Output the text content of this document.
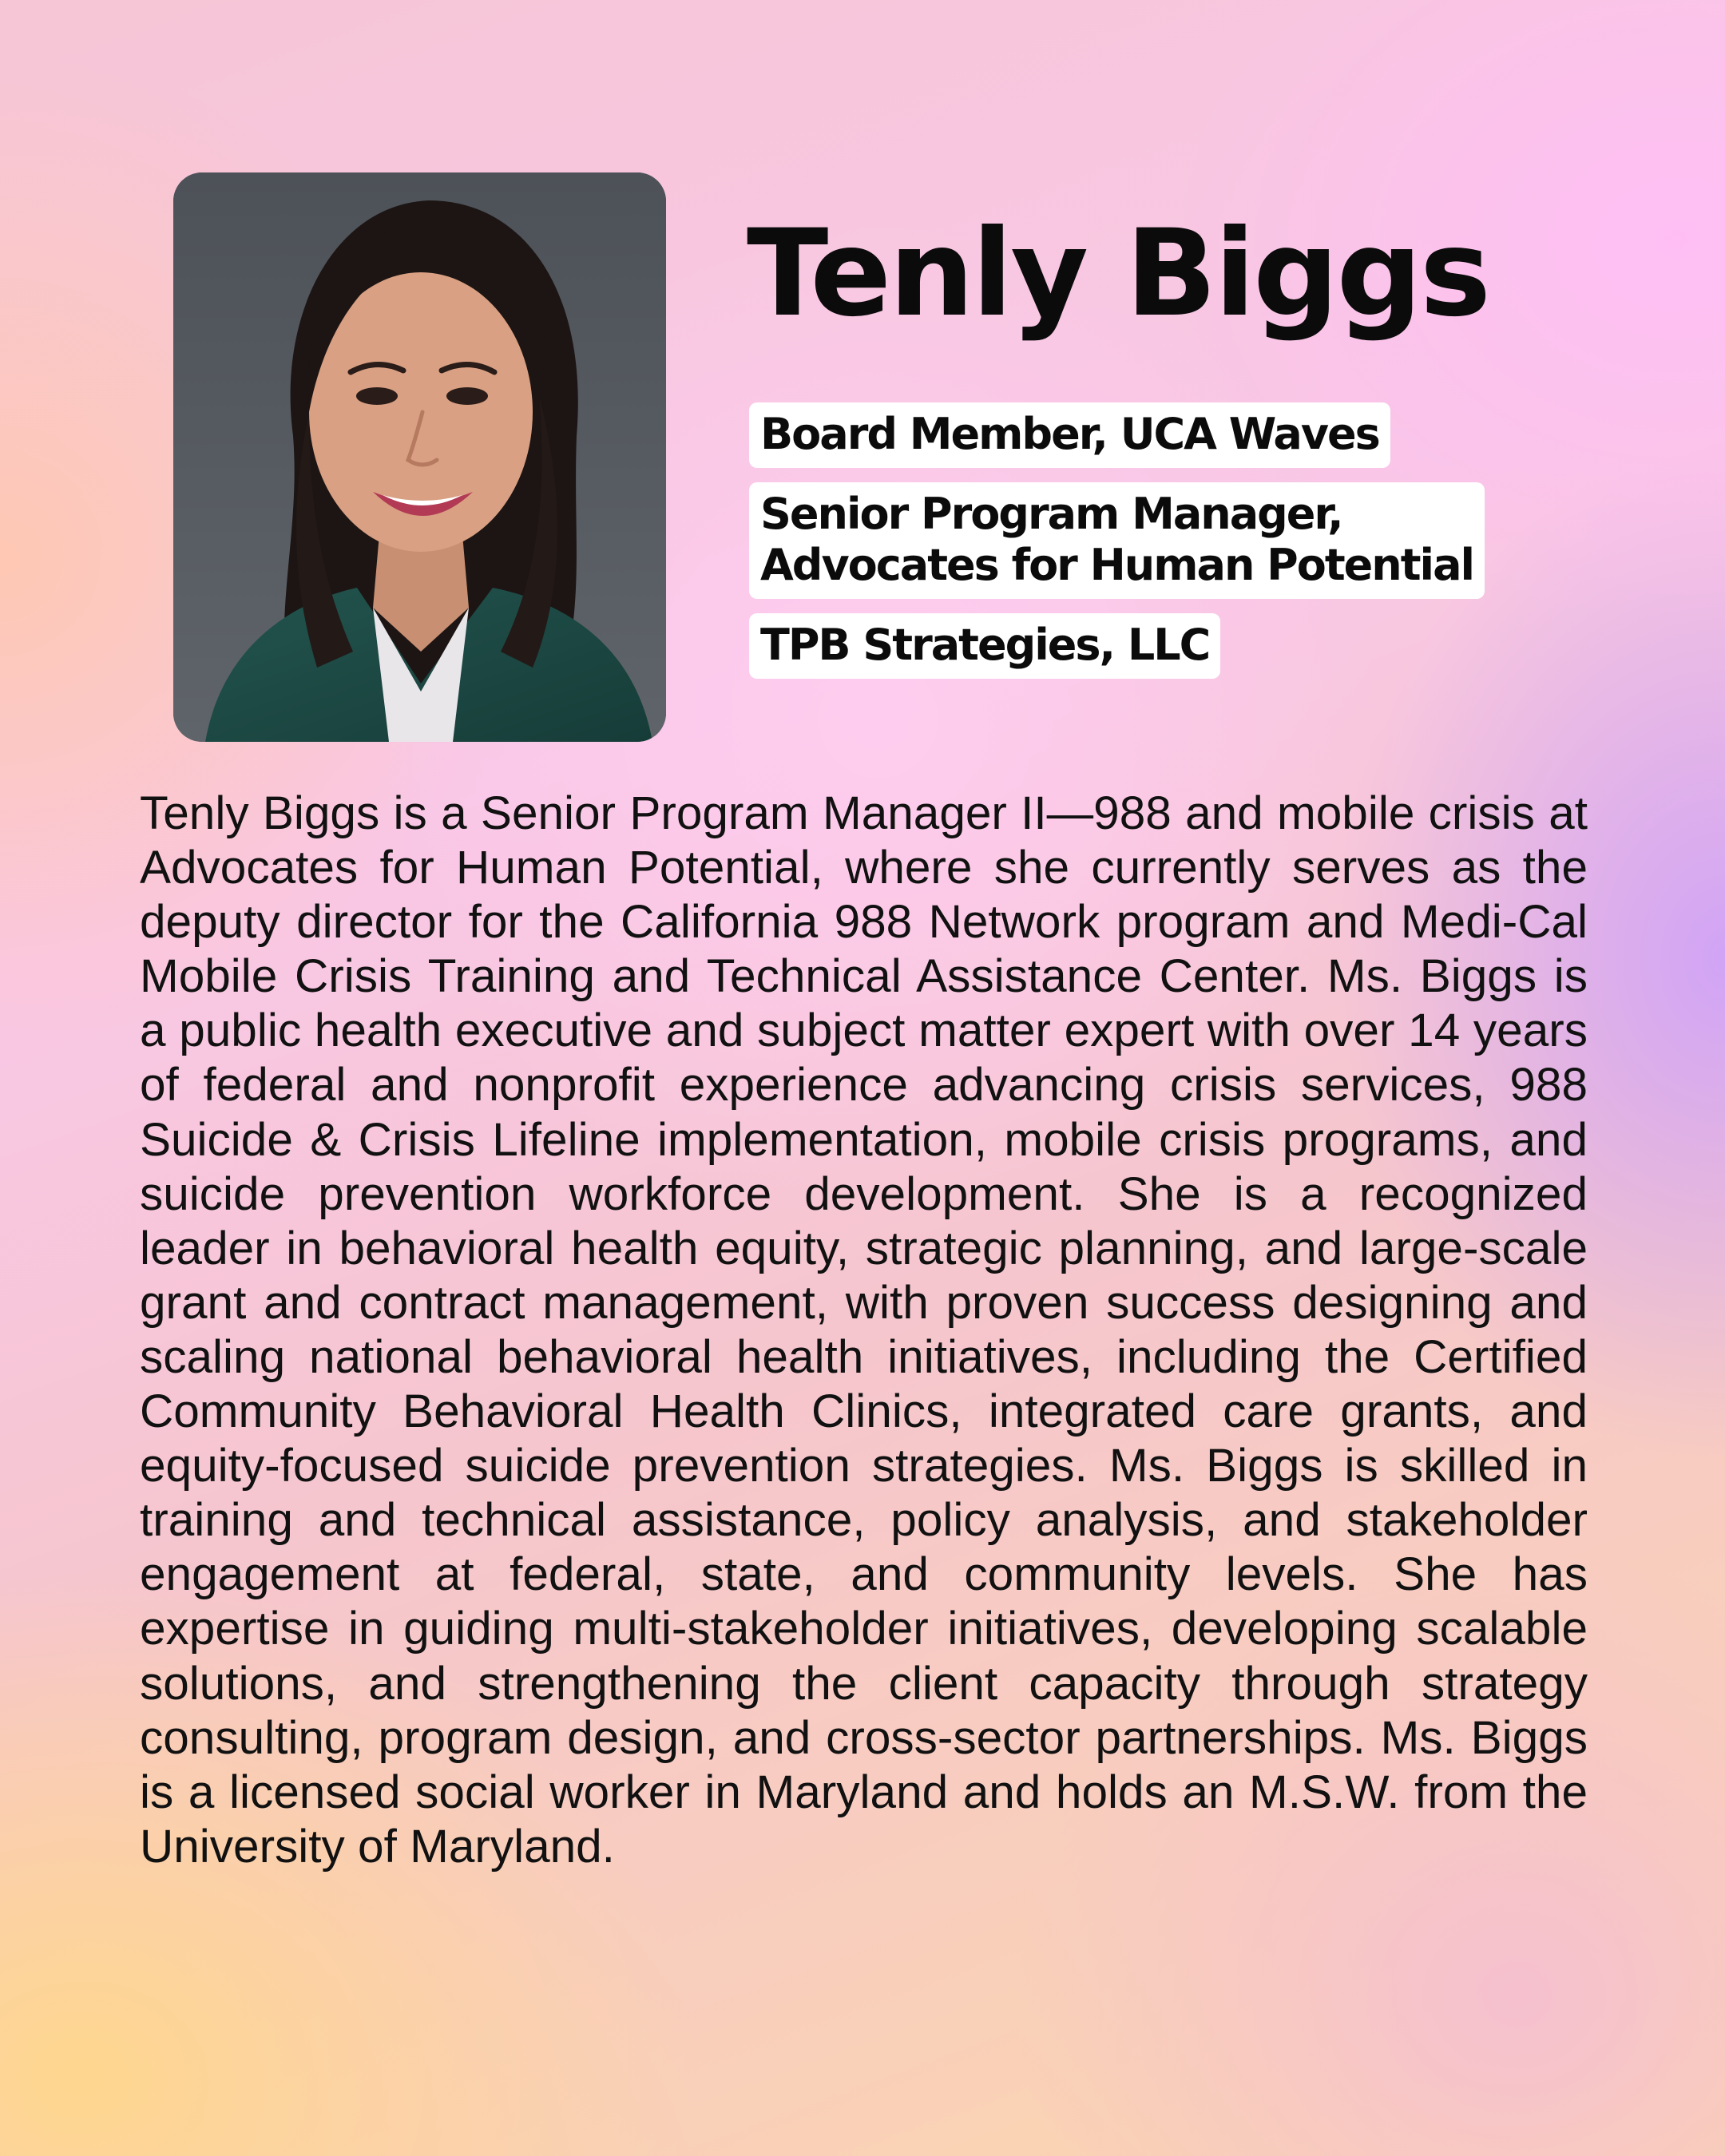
Tenly Biggs
Board Member, UCA Waves
Senior Program Manager,
Advocates for Human Potential
TPB Strategies, LLC

Tenly Biggs is a Senior Program Manager II—988 and mobile crisis at Advocates for Human Potential, where she currently serves as the deputy director for the California 988 Network program and Medi-Cal Mobile Crisis Training and Technical Assistance Center. Ms. Biggs is a public health executive and subject matter expert with over 14 years of federal and nonprofit experience advancing crisis services, 988 Suicide & Crisis Lifeline implementation, mobile crisis programs, and suicide prevention workforce development. She is a recognized leader in behavioral health equity, strategic planning, and large-scale grant and contract management, with proven success designing and scaling national behavioral health initiatives, including the Certified Community Behavioral Health Clinics, integrated care grants, and equity-focused suicide prevention strategies. Ms. Biggs is skilled in training and technical assistance, policy analysis, and stakeholder engagement at federal, state, and community levels. She has expertise in guiding multi-stakeholder initiatives, developing scalable solutions, and strengthening the client capacity through strategy consulting, program design, and cross-sector partnerships. Ms. Biggs is a licensed social worker in Maryland and holds an M.S.W. from the University of Maryland.
